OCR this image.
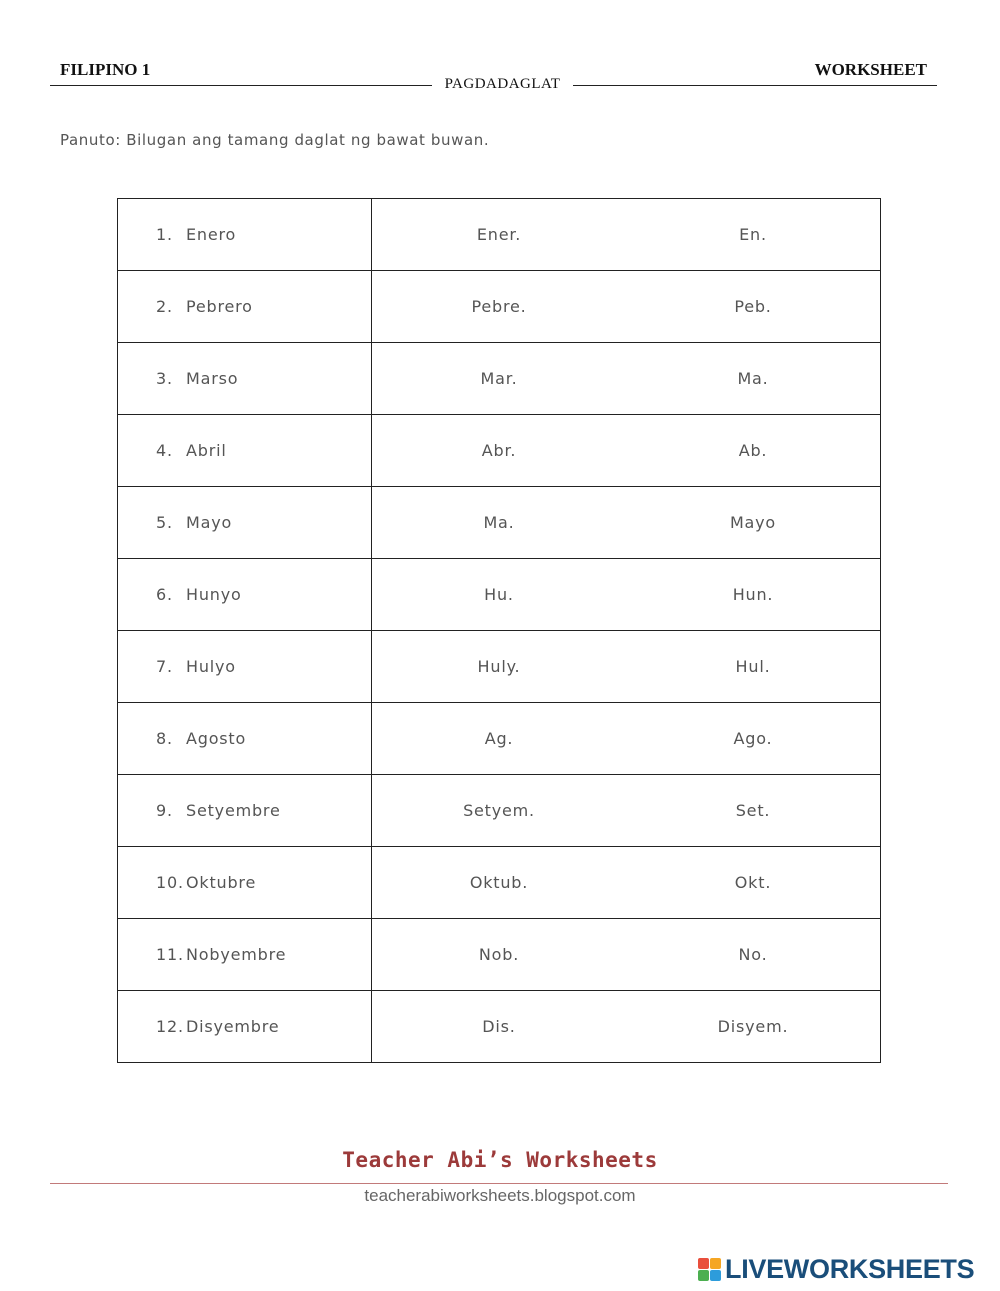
FILIPINO 1	WORKSHEET
PAGDADAGLAT
Panuto: Bilugan ang tamang daglat ng bawat buwan.
1. Enero	Ener.	En.
2. Pebrero	Pebre.	Peb.
3. Marso	Mar.	Ma.
4. Abril	Abr.	Ab.
5. Mayo	Ma.	Mayo
6. Hunyo	Hu.	Hun.
7. Hulyo	Huly.	Hul.
8. Agosto	Ag.	Ago.
9. Setyembre	Setyem.	Set.
10. Oktubre	Oktub.	Okt.
11. Nobyembre	Nob.	No.
12. Disyembre	Dis.	Disyem.
Teacher Abi’s Worksheets
teacherabiworksheets.blogspot.com
LIVEWORKSHEETS
